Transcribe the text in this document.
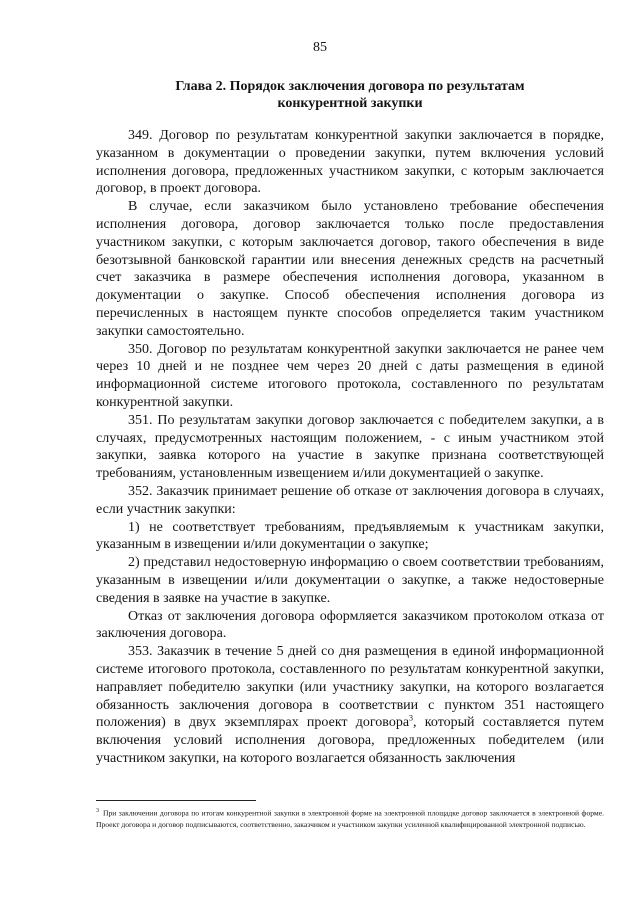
85
Глава 2. Порядок заключения договора по результатам
конкурентной закупки

349. Договор по результатам конкурентной закупки заключается в порядке, указанном в документации о проведении закупки, путем включения условий исполнения договора, предложенных участником закупки, с которым заключается договор, в проект договора.

В случае, если заказчиком было установлено требование обеспечения исполнения договора, договор заключается только после предоставления участником закупки, с которым заключается договор, такого обеспечения в виде безотзывной банковской гарантии или внесения денежных средств на расчетный счет заказчика в размере обеспечения исполнения договора, указанном в документации о закупке. Способ обеспечения исполнения договора из перечисленных в настоящем пункте способов определяется таким участником закупки самостоятельно.

350. Договор по результатам конкурентной закупки заключается не ранее чем через 10 дней и не позднее чем через 20 дней с даты размещения в единой информационной системе итогового протокола, составленного по результатам конкурентной закупки.

351. По результатам закупки договор заключается с победителем закупки, а в случаях, предусмотренных настоящим положением, - с иным участником этой закупки, заявка которого на участие в закупке признана соответствующей требованиям, установленным извещением и/или документацией о закупке.

352. Заказчик принимает решение об отказе от заключения договора в случаях, если участник закупки:

1) не соответствует требованиям, предъявляемым к участникам закупки, указанным в извещении и/или документации о закупке;

2) представил недостоверную информацию о своем соответствии требованиям, указанным в извещении и/или документации о закупке, а также недостоверные сведения в заявке на участие в закупке.

Отказ от заключения договора оформляется заказчиком протоколом отказа от заключения договора.

353. Заказчик в течение 5 дней со дня размещения в единой информационной системе итогового протокола, составленного по результатам конкурентной закупки, направляет победителю закупки (или участнику закупки, на которого возлагается обязанность заключения договора в соответствии с пунктом 351 настоящего положения) в двух экземплярах проект договора$^3$, который составляется путем включения условий исполнения договора, предложенных победителем (или участником закупки, на которого возлагается обязанность заключения

$^3$ При заключении договора по итогам конкурентной закупки в электронной форме на электронной площадке договор заключается в электронной форме. Проект договора и договор подписываются, соответственно, заказчиком и участником закупки усиленной квалифицированной электронной подписью.
